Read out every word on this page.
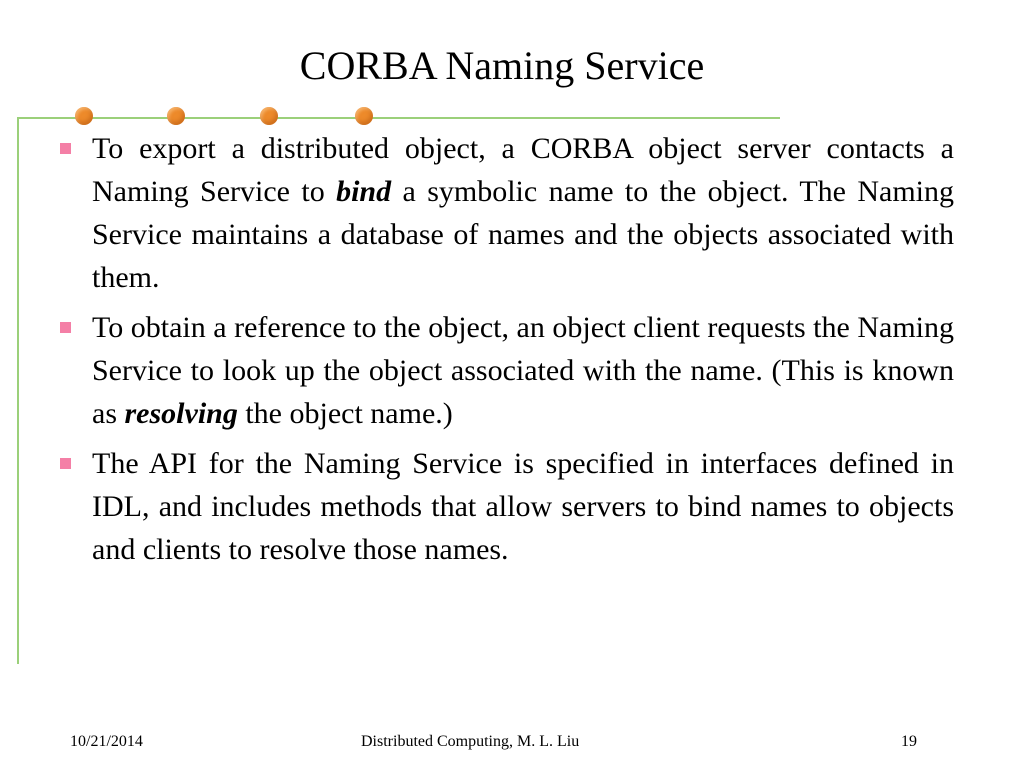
CORBA Naming Service
To export a distributed object, a CORBA object server contacts a Naming Service to bind a symbolic name to the object. The Naming Service maintains a database of names and the objects associated with them.
To obtain a reference to the object, an object client requests the Naming Service to look up the object associated with the name. (This is known as resolving the object name.)
The API for the Naming Service is specified in interfaces defined in IDL, and includes methods that allow servers to bind names to objects and clients to resolve those names.
10/21/2014	Distributed Computing, M. L. Liu	19
